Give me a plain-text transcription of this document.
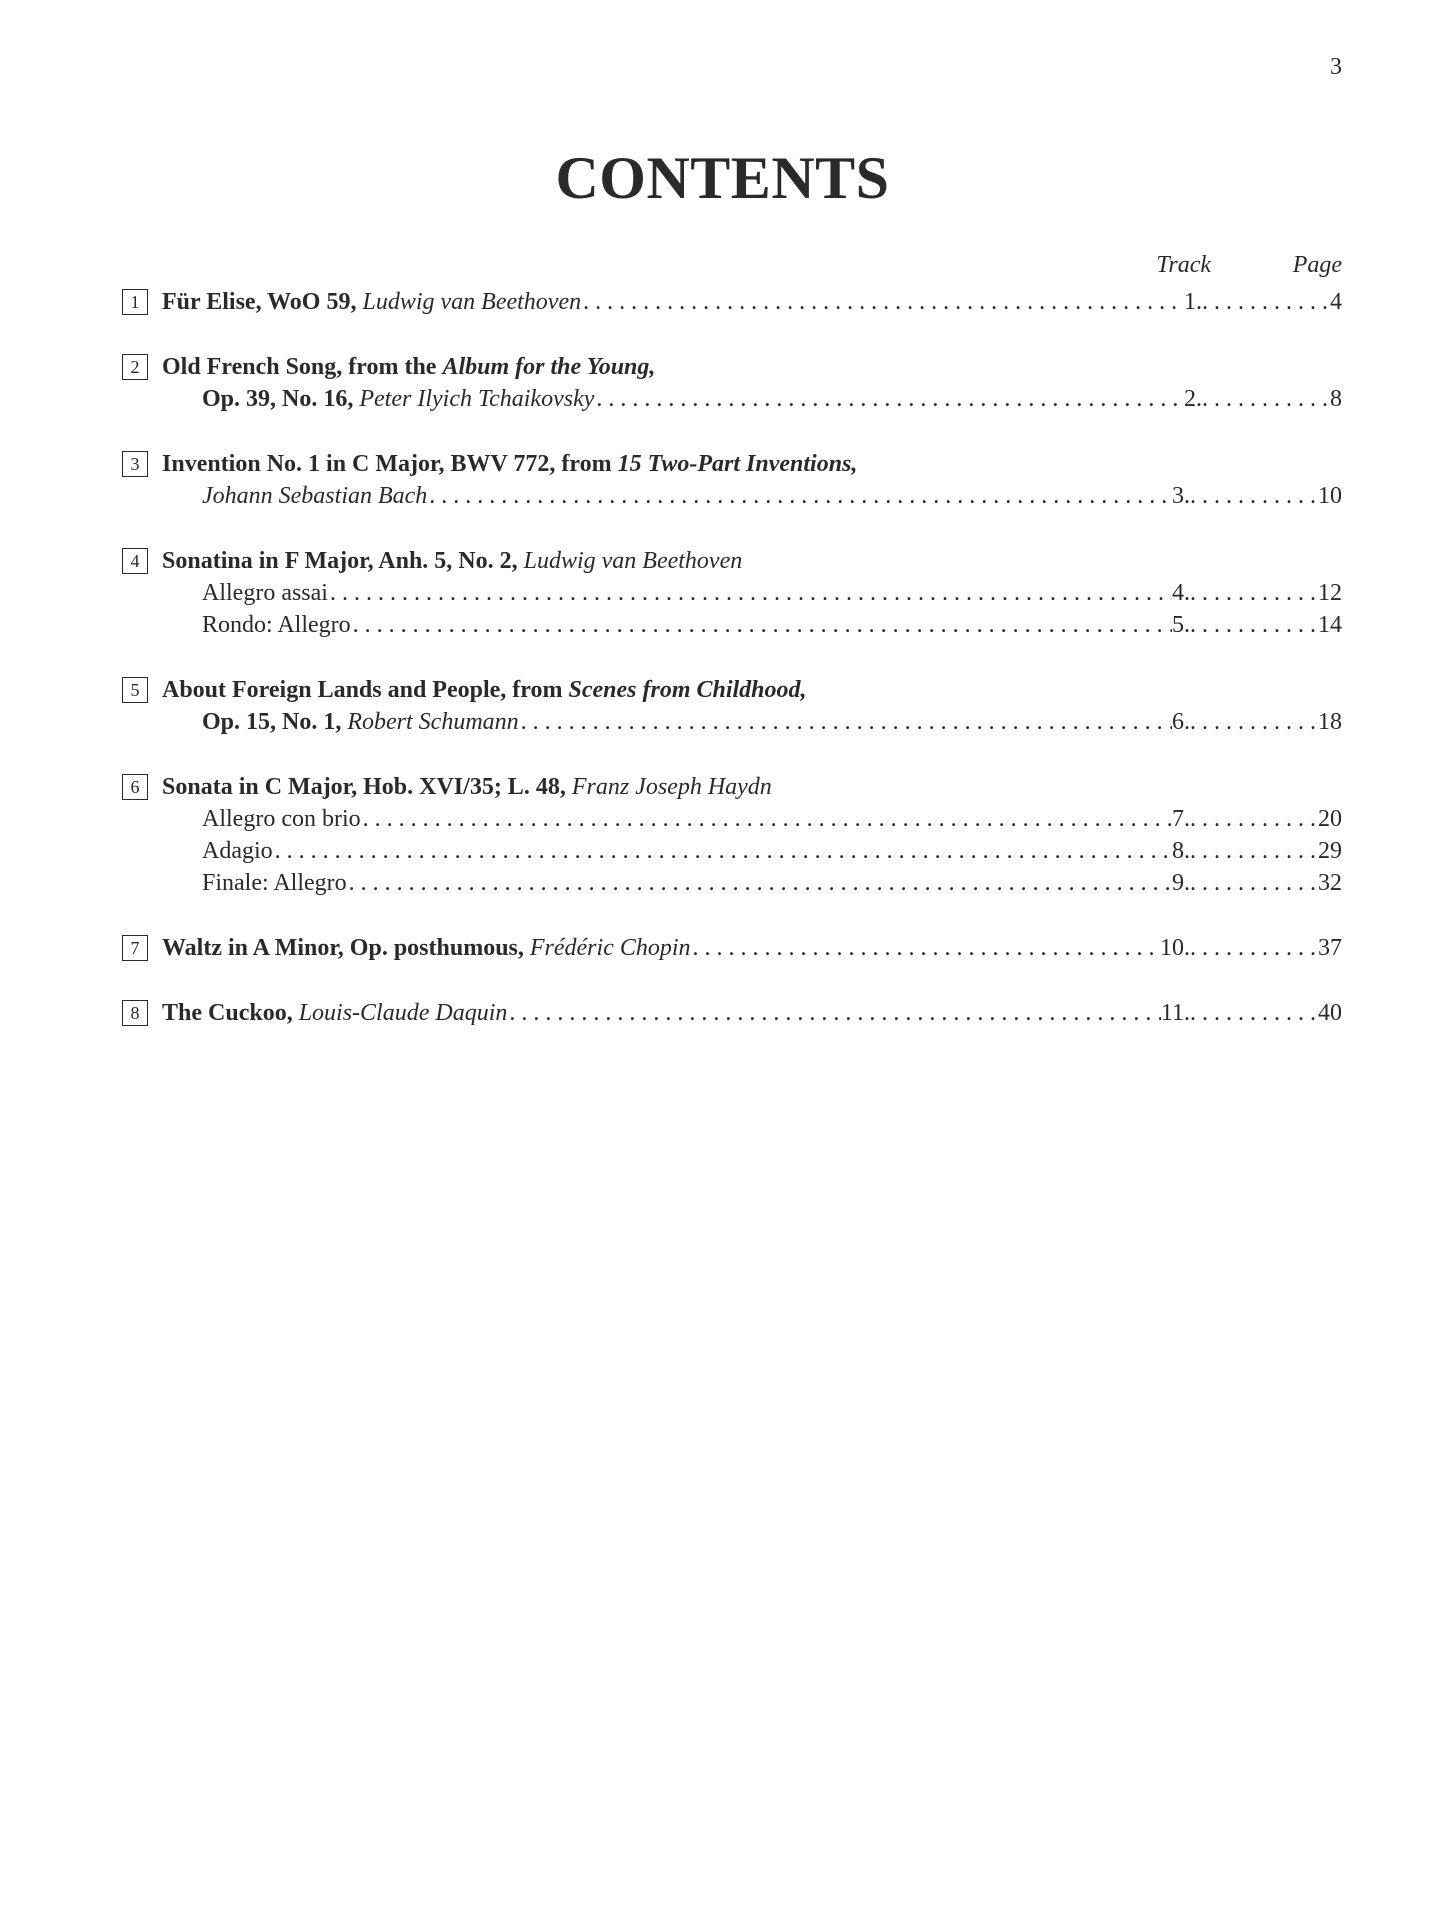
3
CONTENTS
Track	Page
1 Für Elise, WoO 59, Ludwig van Beethoven . . .	1. . . .	4
2 Old French Song, from the Album for the Young,
Op. 39, No. 16, Peter Ilyich Tchaikovsky . . .	2. . . .	8
3 Invention No. 1 in C Major, BWV 772, from 15 Two-Part Inventions,
Johann Sebastian Bach . . .	3. . . .	10
4 Sonatina in F Major, Anh. 5, No. 2, Ludwig van Beethoven
Allegro assai . . .	4. . . .	12
Rondo: Allegro . . .	5. . . .	14
5 About Foreign Lands and People, from Scenes from Childhood,
Op. 15, No. 1, Robert Schumann . . .	6. . . .	18
6 Sonata in C Major, Hob. XVI/35; L. 48, Franz Joseph Haydn
Allegro con brio . . .	7. . . .	20
Adagio . . .	8. . . .	29
Finale: Allegro . . .	9. . . .	32
7 Waltz in A Minor, Op. posthumous, Frédéric Chopin . . .	10. . . .	37
8 The Cuckoo, Louis-Claude Daquin . . .	11. . . .	40
